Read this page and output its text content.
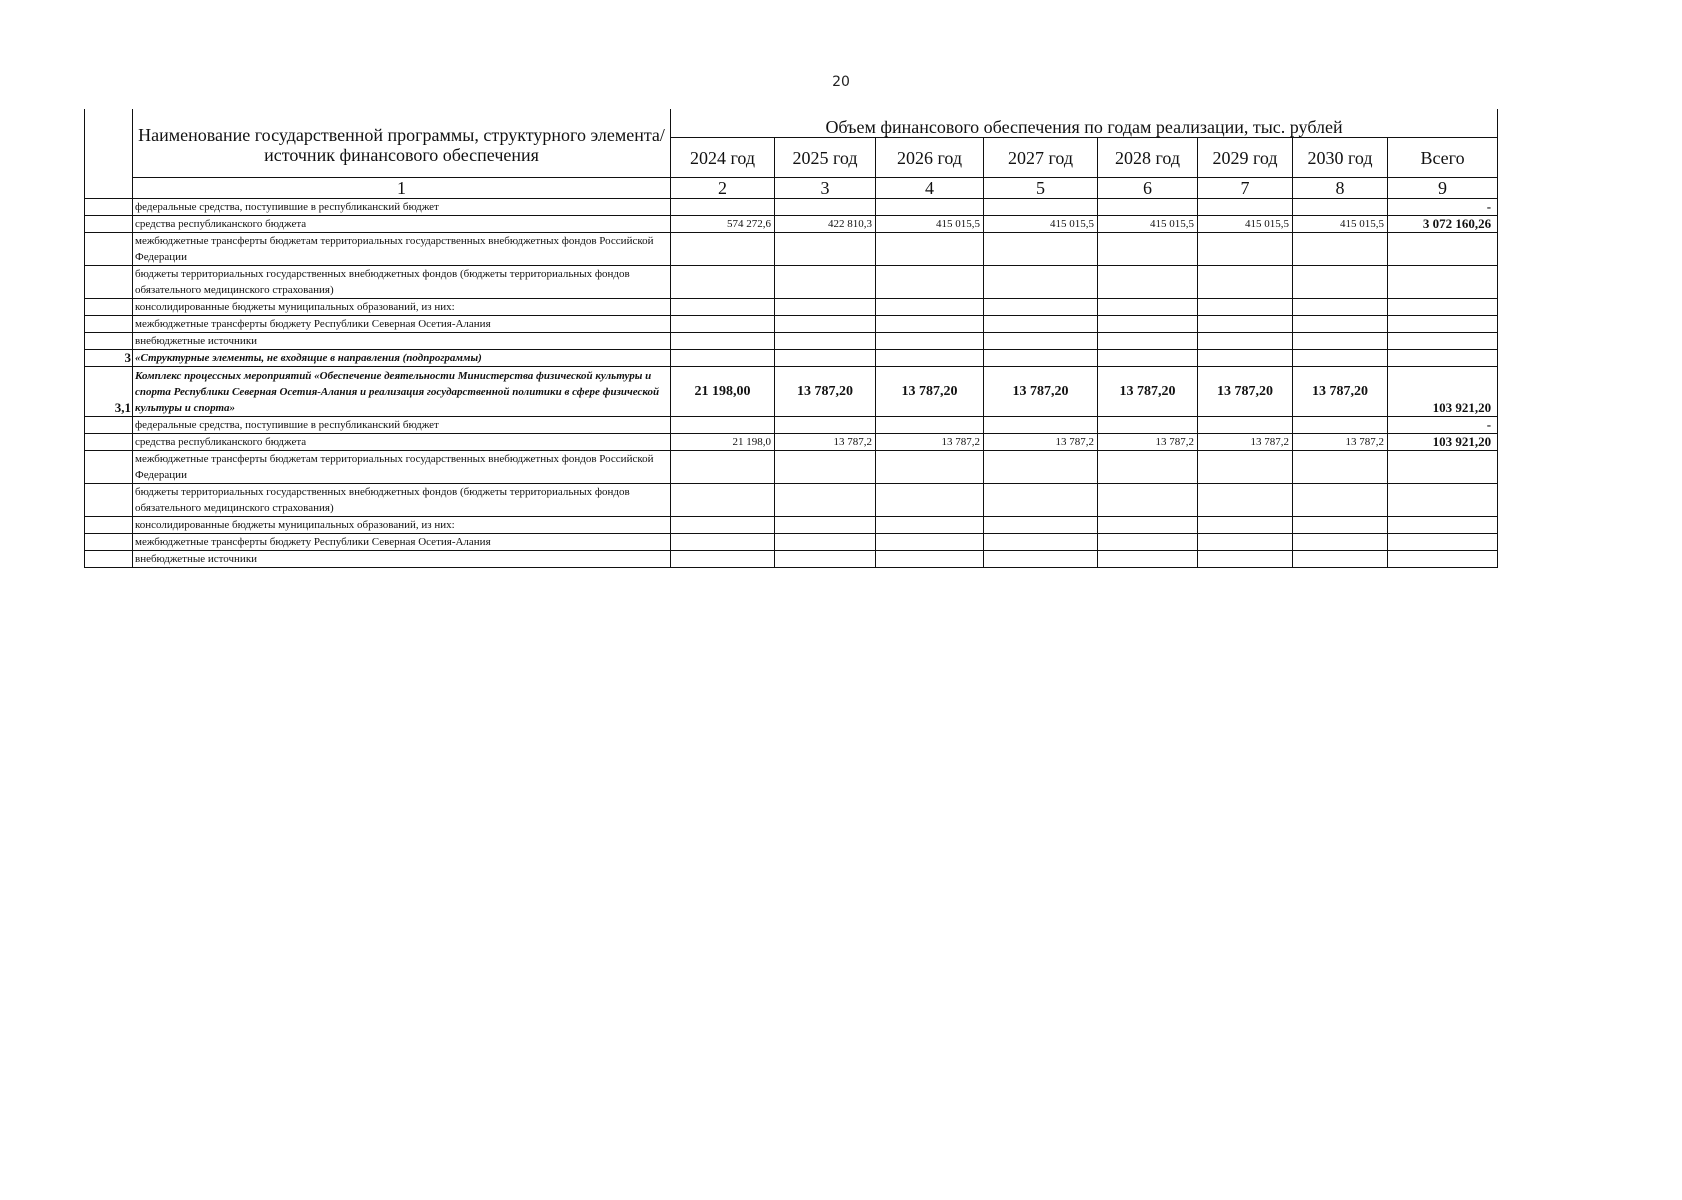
20
	Наименование государственной программы, структурного элемента/источник финансового обеспечения	Объем финансового обеспечения по годам реализации, тыс. рублей							
		2024 год	2025 год	2026 год	2027 год	2028 год	2029 год	2030 год	Всего
	1	2	3	4	5	6	7	8	9
	федеральные средства, поступившие в республиканский бюджет								-
	средства республиканского бюджета	574 272,6	422 810,3	415 015,5	415 015,5	415 015,5	415 015,5	415 015,5	3 072 160,26
	межбюджетные трансферты бюджетам территориальных государственных внебюджетных фондов Российской Федерации								
	бюджеты территориальных государственных внебюджетных фондов (бюджеты территориальных фондов обязательного медицинского страхования)								
	консолидированные бюджеты муниципальных образований, из них:								
	межбюджетные трансферты бюджету Республики Северная Осетия-Алания								
	внебюджетные источники								
3	«Структурные элементы, не входящие в направления (подпрограммы)								
3,1	Комплекс процессных мероприятий «Обеспечение деятельности Министерства физической культуры и спорта Республики Северная Осетия-Алания и реализация государственной политики в сфере физической культуры и спорта»	21 198,00	13 787,20	13 787,20	13 787,20	13 787,20	13 787,20	13 787,20	103 921,20
	федеральные средства, поступившие в республиканский бюджет								-
	средства республиканского бюджета	21 198,0	13 787,2	13 787,2	13 787,2	13 787,2	13 787,2	13 787,2	103 921,20
	межбюджетные трансферты бюджетам территориальных государственных внебюджетных фондов Российской Федерации								
	бюджеты территориальных государственных внебюджетных фондов (бюджеты территориальных фондов обязательного медицинского страхования)								
	консолидированные бюджеты муниципальных образований, из них:								
	межбюджетные трансферты бюджету Республики Северная Осетия-Алания								
	внебюджетные источники								
